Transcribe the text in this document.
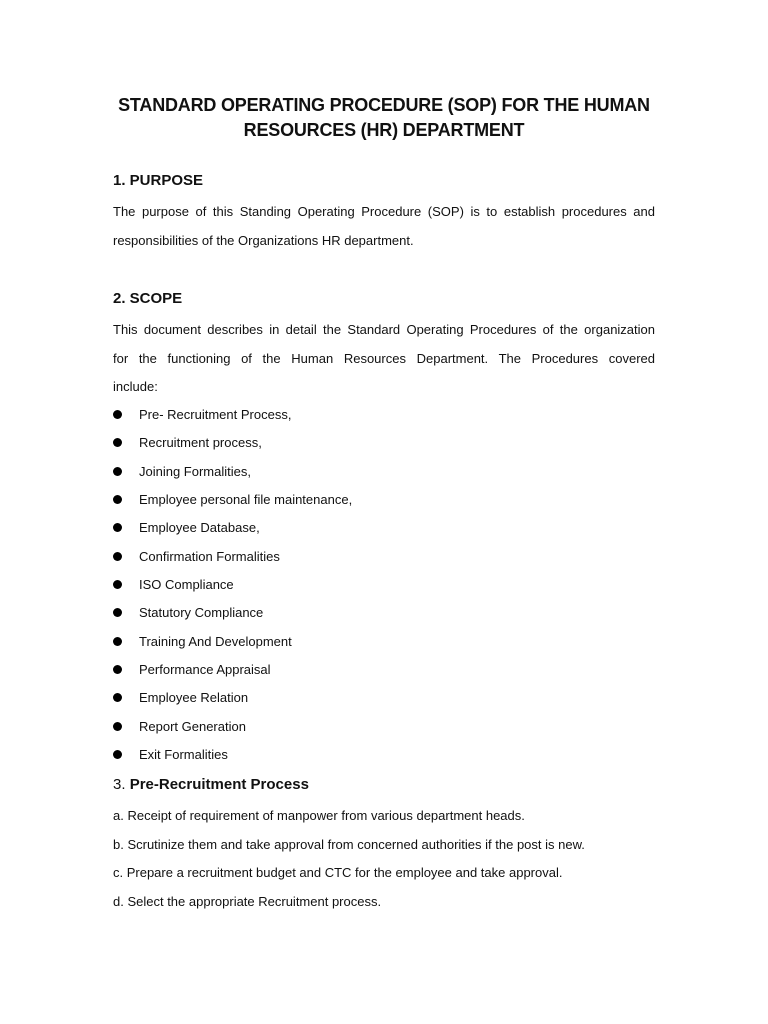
STANDARD OPERATING PROCEDURE (SOP) FOR THE HUMAN
RESOURCES (HR) DEPARTMENT
1. PURPOSE
The purpose of this Standing Operating Procedure (SOP) is to establish procedures and
responsibilities of the Organizations HR department.
2. SCOPE
This document describes in detail the Standard Operating Procedures of the organization
for the functioning of the Human Resources Department. The Procedures covered
include:
Pre- Recruitment Process,
Recruitment process,
Joining Formalities,
Employee personal file maintenance,
Employee Database,
Confirmation Formalities
ISO Compliance
Statutory Compliance
Training And Development
Performance Appraisal
Employee Relation
Report Generation
Exit Formalities
3. Pre-Recruitment Process
a. Receipt of requirement of manpower from various department heads.
b. Scrutinize them and take approval from concerned authorities if the post is new.
c. Prepare a recruitment budget and CTC for the employee and take approval.
d. Select the appropriate Recruitment process.
